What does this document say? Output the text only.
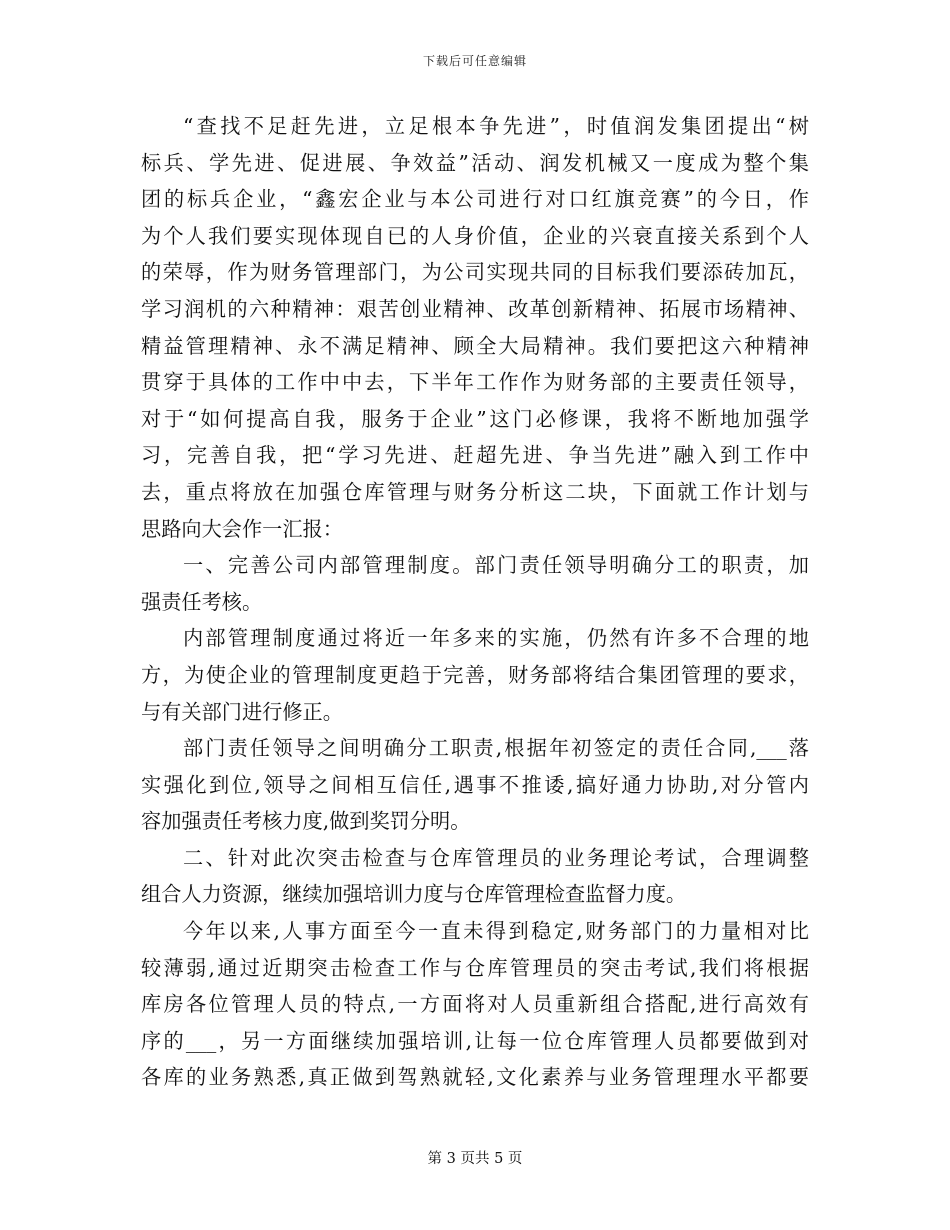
下载后可任意编辑
“查找不足赶先进，立足根本争先进”，时值润发集团提出“树
标兵、学先进、促进展、争效益”活动、润发机械又一度成为整个集
团的标兵企业，“鑫宏企业与本公司进行对口红旗竞赛”的今日，作
为个人我们要实现体现自已的人身价值，企业的兴衰直接关系到个人
的荣辱，作为财务管理部门，为公司实现共同的目标我们要添砖加瓦，
学习润机的六种精神：艰苦创业精神、改革创新精神、拓展市场精神、
精益管理精神、永不满足精神、顾全大局精神。我们要把这六种精神
贯穿于具体的工作中中去，下半年工作作为财务部的主要责任领导，
对于“如何提高自我，服务于企业”这门必修课，我将不断地加强学
习，完善自我，把“学习先进、赶超先进、争当先进”融入到工作中
去，重点将放在加强仓库管理与财务分析这二块，下面就工作计划与
思路向大会作一汇报：
一、完善公司内部管理制度。部门责任领导明确分工的职责，加
强责任考核。
内部管理制度通过将近一年多来的实施，仍然有许多不合理的地
方，为使企业的管理制度更趋于完善，财务部将结合集团管理的要求，
与有关部门进行修正。
部门责任领导之间明确分工职责,根据年初签定的责任合同,___落
实强化到位,领导之间相互信任,遇事不推诿,搞好通力协助,对分管内
容加强责任考核力度,做到奖罚分明。
二、针对此次突击检查与仓库管理员的业务理论考试，合理调整
组合人力资源，继续加强培训力度与仓库管理检查监督力度。
今年以来,人事方面至今一直未得到稳定,财务部门的力量相对比
较薄弱,通过近期突击检查工作与仓库管理员的突击考试,我们将根据
库房各位管理人员的特点,一方面将对人员重新组合搭配,进行高效有
序的___，另一方面继续加强培训,让每一位仓库管理人员都要做到对
各库的业务熟悉,真正做到驾熟就轻,文化素养与业务管理理水平都要
第 3 页共 5 页
